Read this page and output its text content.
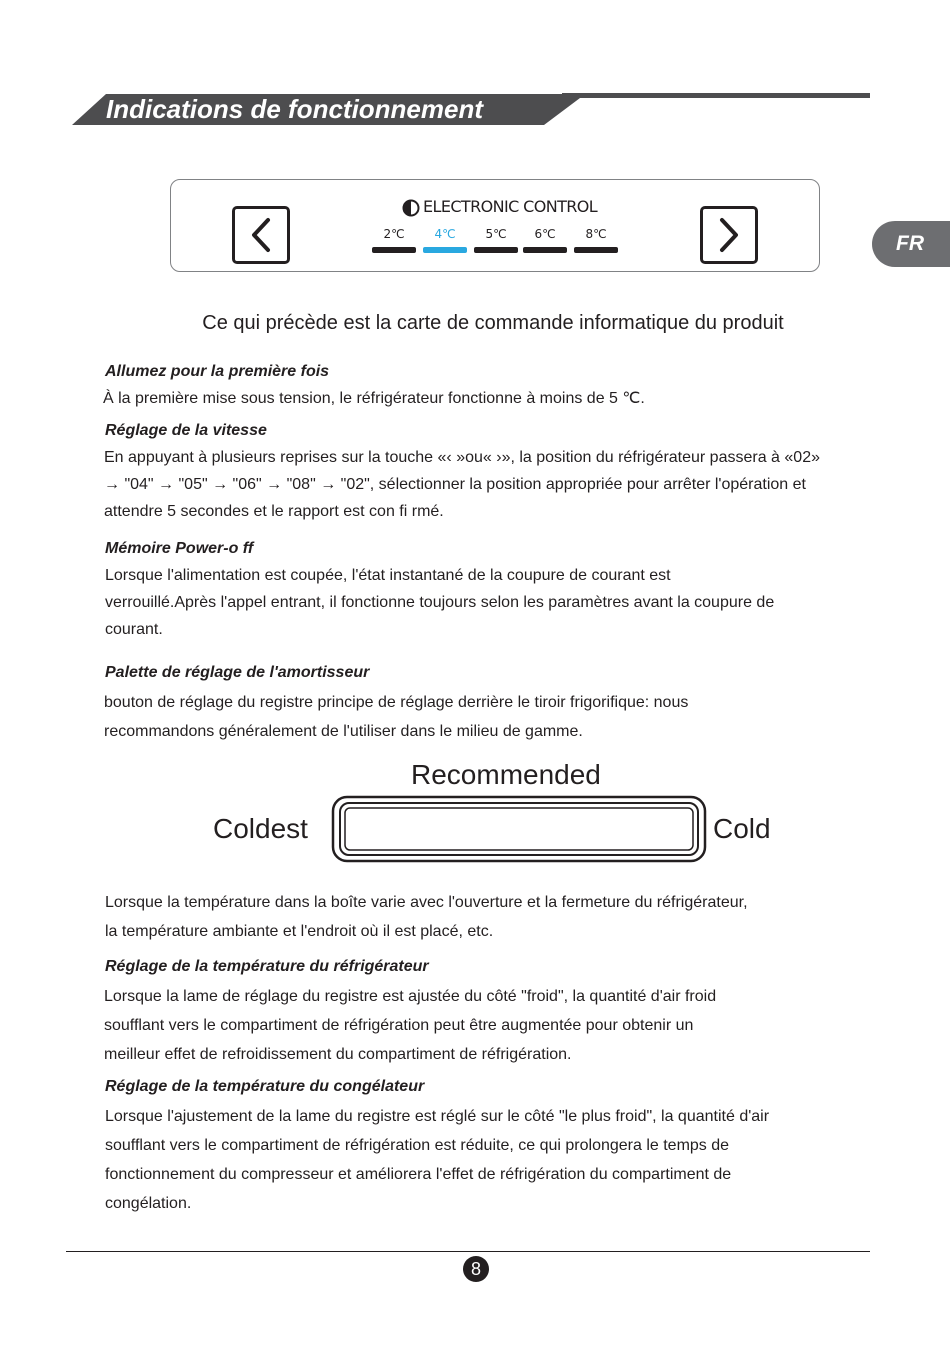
Indications de fonctionnement
FR
ELECTRONIC CONTROL
2℃	4℃	5℃	6℃	8℃
Ce qui précède est la carte de commande informatique du produit
Allumez pour la première fois
À la première mise sous tension, le réfrigérateur fonctionne à moins de 5 ℃.
Réglage de la vitesse
En appuyant à plusieurs reprises sur la touche «‹ »ou« ›», la position du réfrigérateur passera à «02»
→ "04" → "05" → "06" → "08" → "02", sélectionner la position appropriée pour arrêter l'opération et
attendre 5 secondes et le rapport est con fi rmé.
Mémoire Power-o ff
Lorsque l'alimentation est coupée, l'état instantané de la coupure de courant est
verrouillé.Après l'appel entrant, il fonctionne toujours selon les paramètres avant la coupure de
courant.
Palette de réglage de l'amortisseur
bouton de réglage du registre principe de réglage derrière le tiroir frigorifique: nous
recommandons généralement de l'utiliser dans le milieu de gamme.
Recommended
Coldest	Cold
Lorsque la température dans la boîte varie avec l'ouverture et la fermeture du réfrigérateur,
la température ambiante et l'endroit où il est placé, etc.
Réglage de la température du réfrigérateur
Lorsque la lame de réglage du registre est ajustée du côté "froid", la quantité d'air froid
soufflant vers le compartiment de réfrigération peut être augmentée pour obtenir un
meilleur effet de refroidissement du compartiment de réfrigération.
Réglage de la température du congélateur
Lorsque l'ajustement de la lame du registre est réglé sur le côté "le plus froid", la quantité d'air
soufflant vers le compartiment de réfrigération est réduite, ce qui prolongera le temps de
fonctionnement du compresseur et améliorera l'effet de réfrigération du compartiment de
congélation.
8
